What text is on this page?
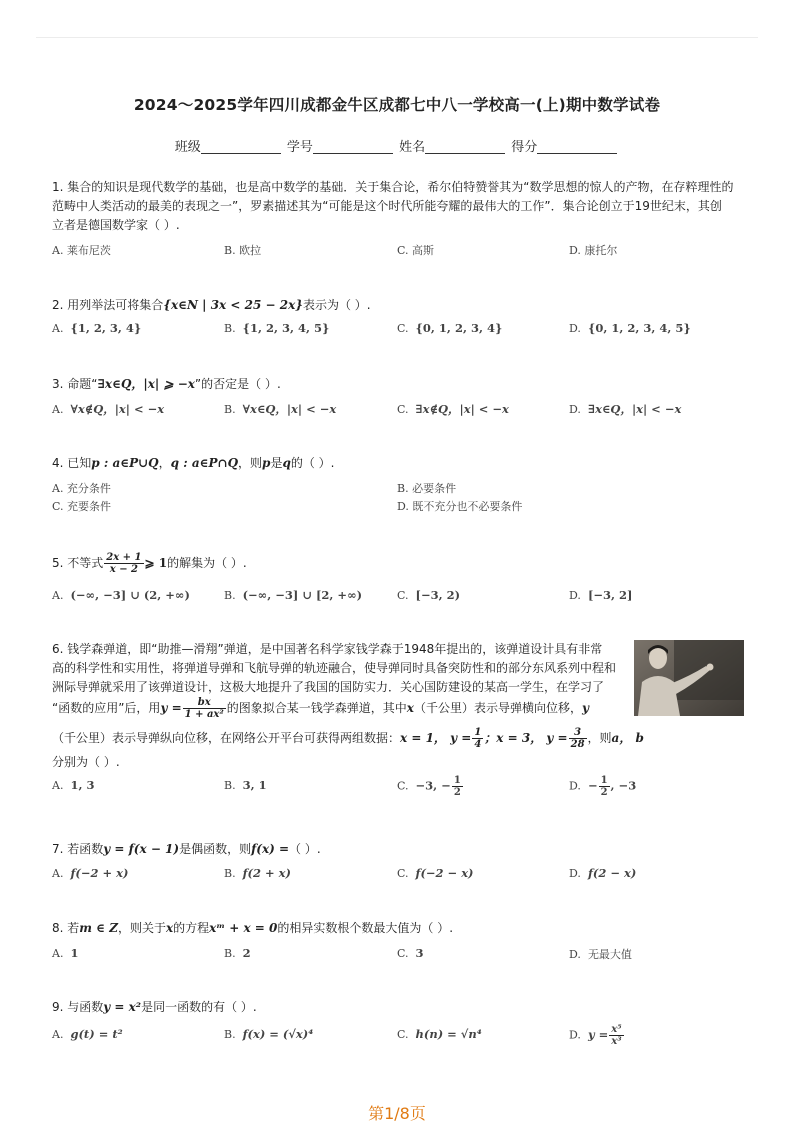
2024～2025学年四川成都金牛区成都七中八一学校高一(上)期中数学试卷
班级	学号	姓名	得分
1. 集合的知识是现代数学的基础，也是高中数学的基础．关于集合论，希尔伯特赞誉其为“数学思想的惊人的产物，在存粹理性的
范畴中人类活动的最美的表现之一”，罗素描述其为“可能是这个时代所能夸耀的最伟大的工作”．集合论创立于19世纪末，其创
立者是德国数学家（ ）.
A. 莱布尼茨	B. 欧拉	C. 高斯	D. 康托尔
2. 用列举法可将集合{x∈N | 3x < 25 − 2x}表示为（ ）.
A. {1, 2, 3, 4}	B. {1, 2, 3, 4, 5}	C. {0, 1, 2, 3, 4}	D. {0, 1, 2, 3, 4, 5}
3. 命题“∃x∈Q，|x| ⩾ −x”的否定是（ ）.
A. ∀x∉Q，|x| < −x	B. ∀x∈Q，|x| < −x	C. ∃x∉Q，|x| < −x	D. ∃x∈Q，|x| < −x
4. 已知p : a∈P∪Q，q : a∈P∩Q，则p是q的（ ）.
A. 充分条件	B. 必要条件
C. 充要条件	D. 既不充分也不必要条件
5. 不等式 $\frac{2x + 1}{x - 2}$ ⩾ 1的解集为（ ）.
A. (−∞, −3] ∪ (2, +∞)	B. (−∞, −3] ∪ [2, +∞)	C. [−3, 2)	D. [−3, 2]
6. 钱学森弹道，即“助推—滑翔”弹道，是中国著名科学家钱学森于1948年提出的，该弹道设计具有非常
高的科学性和实用性，将弹道导弹和飞航导弹的轨迹融合，使导弹同时具备突防性和的部分东风系列中程和
洲际导弹就采用了该弹道设计，这极大地提升了我国的国防实力．关心国防建设的某高一学生，在学习了
“函数的应用”后，用$y = \frac{bx}{\text{1 + ax²}}$ 的图象拟合某一钱学森弹道，其中x（千公里）表示导弹横向位移，y
（千公里）表示导弹纵向位移，在网络公开平台可获得两组数据：x = 1， $y = \frac{1}{4}$ ；x = 3， $y = \frac{3}{28}$ ，则a， b
分别为（ ）.
A. 1, 3	B. 3, 1	C. −3, − $\frac{1}{2}$	D. − $\frac{1}{2}$ , −3
7. 若函数y = f(x − 1)是偶函数，则f(x) =（ ）.
A. f(−2 + x)	B. f(2 + x)	C. f(−2 − x)	D. f(2 − x)
8. 若m ∈ Z，则关于x的方程xᵐ + x = 0的相异实数根个数最大值为（ ）.
A. 1	B. 2	C. 3	D. 无最大值
9. 与函数y = x²是同一函数的有（ ）.
A. g(t) = t²	B. f(x) = (√x)⁴	C. h(n) = √n⁴	D. $y = \frac{\text{x⁵}}{\text{x³}}$
第1/8页
